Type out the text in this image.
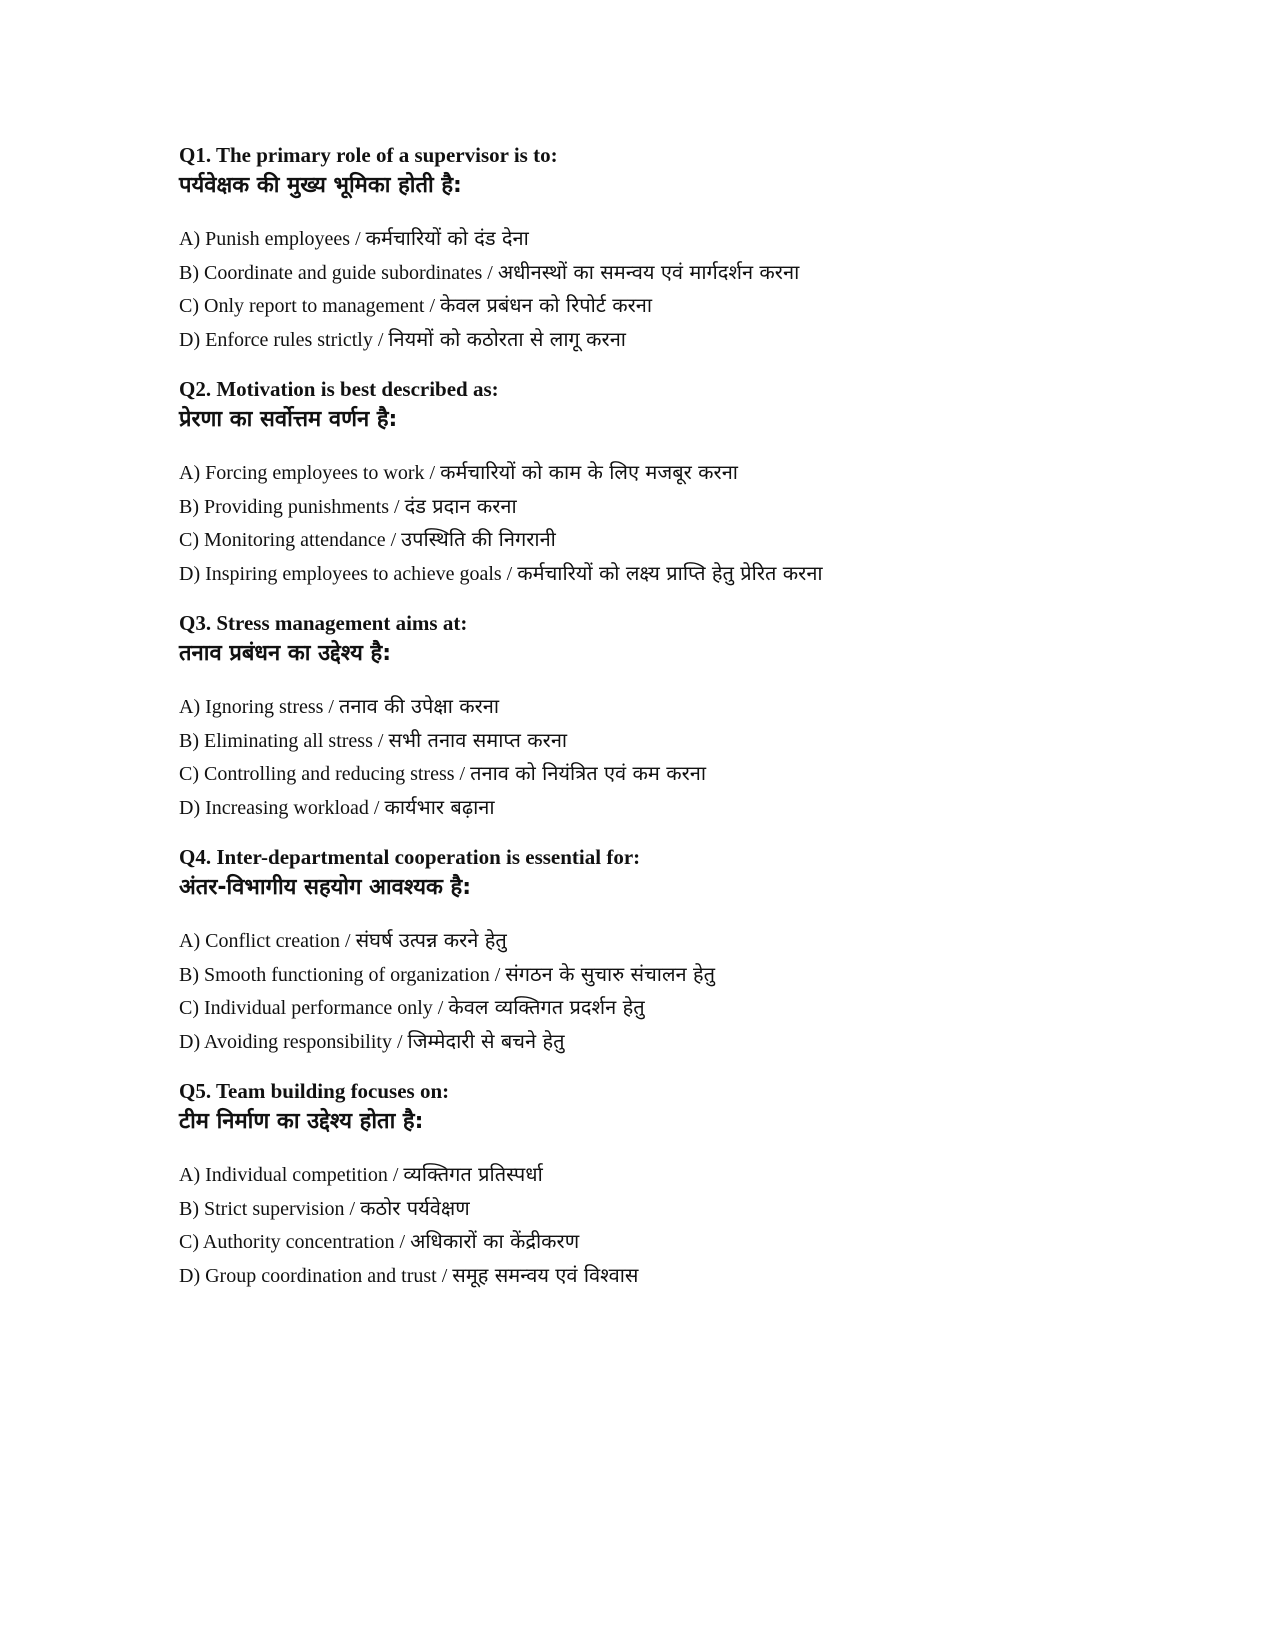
Q1. The primary role of a supervisor is to:
पर्यवेक्षक की मुख्य भूमिका होती है:
A) Punish employees / कर्मचारियों को दंड देना
B) Coordinate and guide subordinates / अधीनस्थों का समन्वय एवं मार्गदर्शन करना
C) Only report to management / केवल प्रबंधन को रिपोर्ट करना
D) Enforce rules strictly / नियमों को कठोरता से लागू करना
Q2. Motivation is best described as:
प्रेरणा का सर्वोत्तम वर्णन है:
A) Forcing employees to work / कर्मचारियों को काम के लिए मजबूर करना
B) Providing punishments / दंड प्रदान करना
C) Monitoring attendance / उपस्थिति की निगरानी
D) Inspiring employees to achieve goals / कर्मचारियों को लक्ष्य प्राप्ति हेतु प्रेरित करना
Q3. Stress management aims at:
तनाव प्रबंधन का उद्देश्य है:
A) Ignoring stress / तनाव की उपेक्षा करना
B) Eliminating all stress / सभी तनाव समाप्त करना
C) Controlling and reducing stress / तनाव को नियंत्रित एवं कम करना
D) Increasing workload / कार्यभार बढ़ाना
Q4. Inter-departmental cooperation is essential for:
अंतर-विभागीय सहयोग आवश्यक है:
A) Conflict creation / संघर्ष उत्पन्न करने हेतु
B) Smooth functioning of organization / संगठन के सुचारु संचालन हेतु
C) Individual performance only / केवल व्यक्तिगत प्रदर्शन हेतु
D) Avoiding responsibility / जिम्मेदारी से बचने हेतु
Q5. Team building focuses on:
टीम निर्माण का उद्देश्य होता है:
A) Individual competition / व्यक्तिगत प्रतिस्पर्धा
B) Strict supervision / कठोर पर्यवेक्षण
C) Authority concentration / अधिकारों का केंद्रीकरण
D) Group coordination and trust / समूह समन्वय एवं विश्वास
